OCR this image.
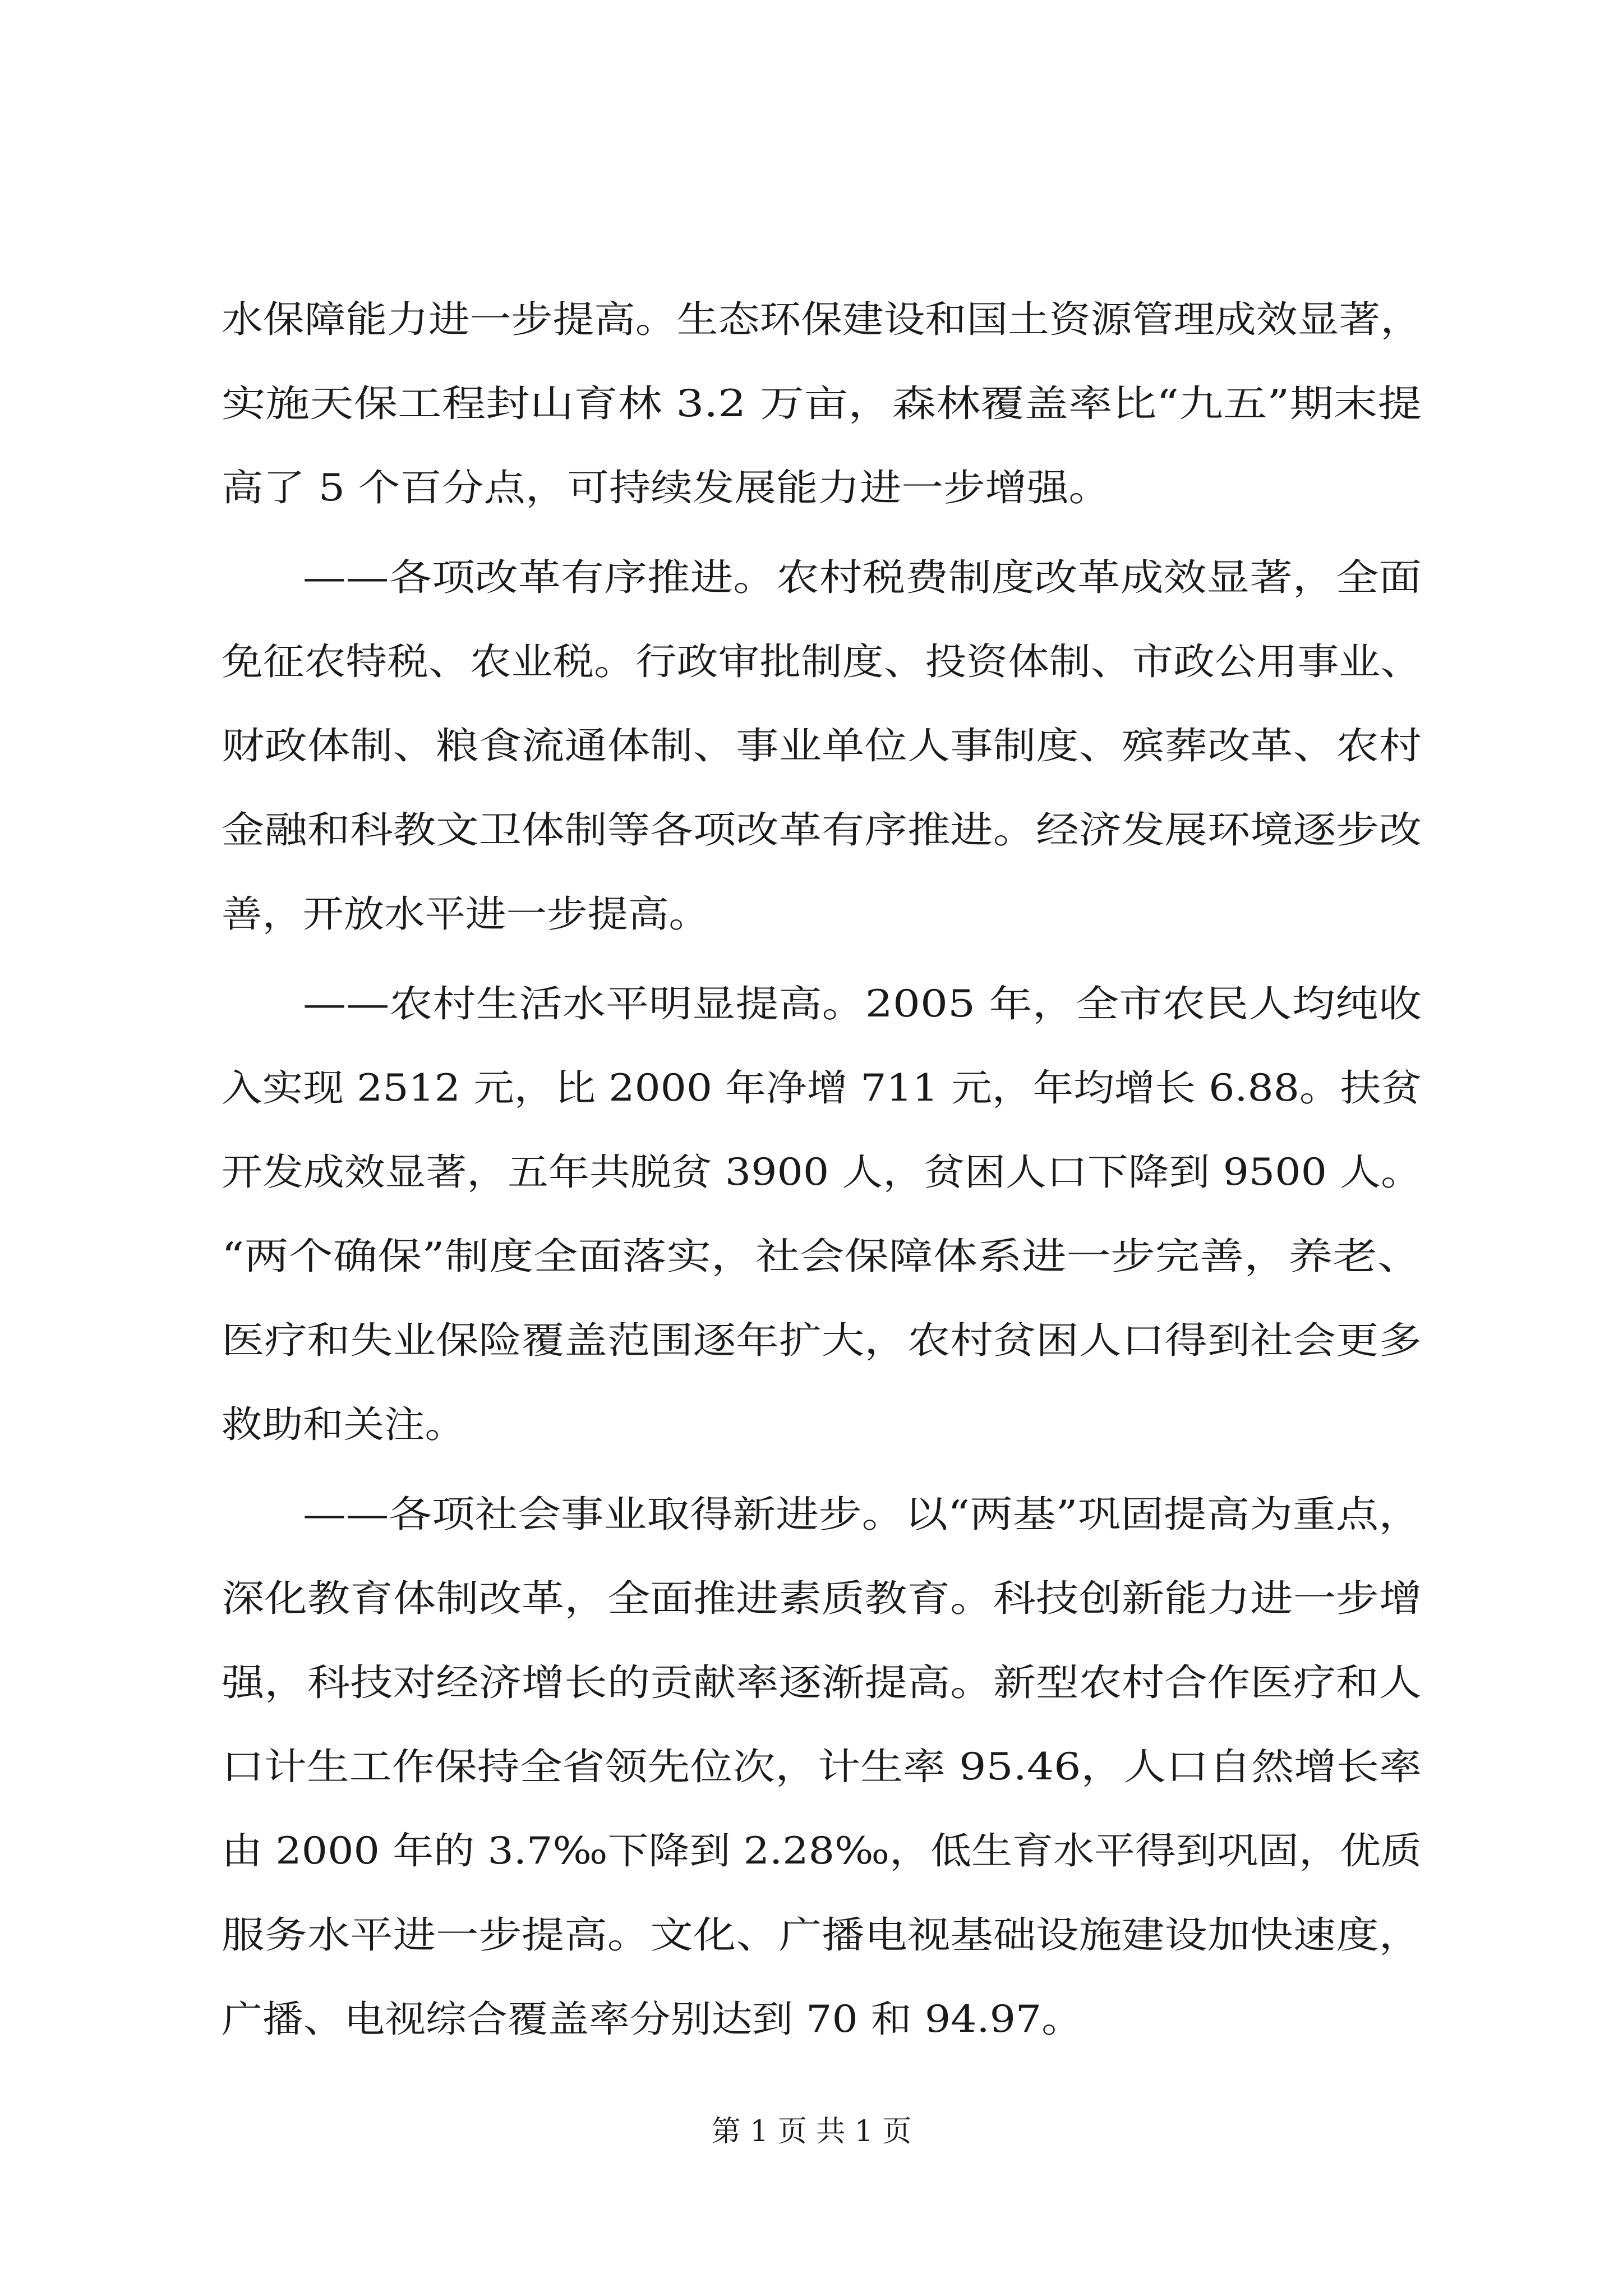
水保障能力进一步提高。生态环保建设和国土资源管理成效显著，
实施天保工程封山育林 3.2 万亩，森林覆盖率比“九五”期末提
高了 5 个百分点，可持续发展能力进一步增强。
——各项改革有序推进。农村税费制度改革成效显著，全面
免征农特税、农业税。行政审批制度、投资体制、市政公用事业、
财政体制、粮食流通体制、事业单位人事制度、殡葬改革、农村
金融和科教文卫体制等各项改革有序推进。经济发展环境逐步改
善，开放水平进一步提高。
——农村生活水平明显提高。2005 年，全市农民人均纯收
入实现 2512 元，比 2000 年净增 711 元，年均增长 6.88。扶贫
开发成效显著，五年共脱贫 3900 人，贫困人口下降到 9500 人。
“两个确保”制度全面落实，社会保障体系进一步完善，养老、
医疗和失业保险覆盖范围逐年扩大，农村贫困人口得到社会更多
救助和关注。
——各项社会事业取得新进步。以“两基”巩固提高为重点，
深化教育体制改革，全面推进素质教育。科技创新能力进一步增
强，科技对经济增长的贡献率逐渐提高。新型农村合作医疗和人
口计生工作保持全省领先位次，计生率 95.46，人口自然增长率
由 2000 年的 3.7‰下降到 2.28‰，低生育水平得到巩固，优质
服务水平进一步提高。文化、广播电视基础设施建设加快速度，
广播、电视综合覆盖率分别达到 70 和 94.97。
第 1 页 共 1 页
